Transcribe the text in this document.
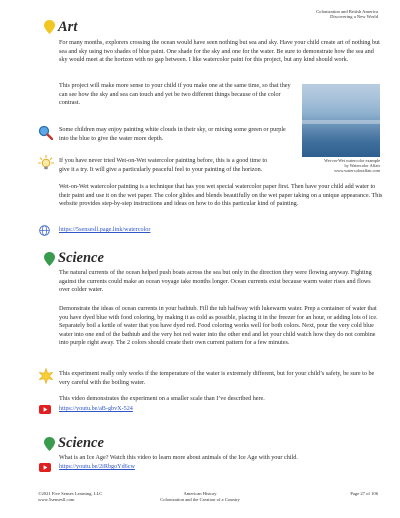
Colonization and British America
Discovering a New World
Art

For many months, explorers crossing the ocean would have seen nothing but sea and sky. Have your child create art of nothing but sea and sky using two shades of blue paint. One shade for the sky and one for the water. Be sure to demonstrate how the sea and sky would meet at the horizon with no gap between. I like watercolor paint for this project, but any kind should work.

This project will make more sense to your child if you make one at the same time, so that they can see how the sky and sea can touch and yet be two different things because of the color contrast.

Wet-on-Wet watercolor example
by Watercolor Affair
www.watercoloraffair.com

Some children may enjoy painting white clouds in their sky, or mixing some green or purple into the blue to give the water more depth.

If you have never tried Wet-on-Wet watercolor painting before, this is a good time to give it a try. It will give a particularly peaceful feel to your painting of the horizon.

Wet-on-Wet watercolor painting is a technique that has you wet special watercolor paper first. Then have your child add water to their paint and use it on the wet paper. The color glides and blends beautifully on the wet paper taking on a unique appearance. This website provides step-by-step instructions and ideas on how to do this particular kind of painting.

https://5sensesll.page.link/watercolor
Science

The natural currents of the ocean helped push boats across the sea but only in the direction they were flowing anyway. Fighting against the currents could make an ocean voyage take months longer. Ocean currents exist because warm water rises and flows over colder water.

Demonstrate the ideas of ocean currents in your bathtub. Fill the tub halfway with lukewarm water. Prep a container of water that you have dyed blue with food coloring, by making it as cold as possible, placing it in the freezer for an hour, or adding lots of ice. Separately boil a kettle of water that you have dyed red. Food coloring works well for both colors. Next, pour the very cold blue water into one end of the bathtub and the very hot red water into the other end and let your child watch how they do not combine into purple right away. The 2 colors should create their own current pattern for a few minutes.

This experiment really only works if the temperature of the water is extremely different, but for your child’s safety, be sure to be very careful with the boiling water.

This video demonstrates the experiment on a smaller scale than I’ve described here.

https://youtu.be/aB-gbvX-524
Science

What is an Ice Age? Watch this video to learn more about animals of the Ice Age with your child.

https://youtu.be/2iRbgoYd6cw
©2021 Five Senses Learning, LLC
www.5sensesll.com
American History
Colonization and the Creation of a Country
Page 27 of 106
